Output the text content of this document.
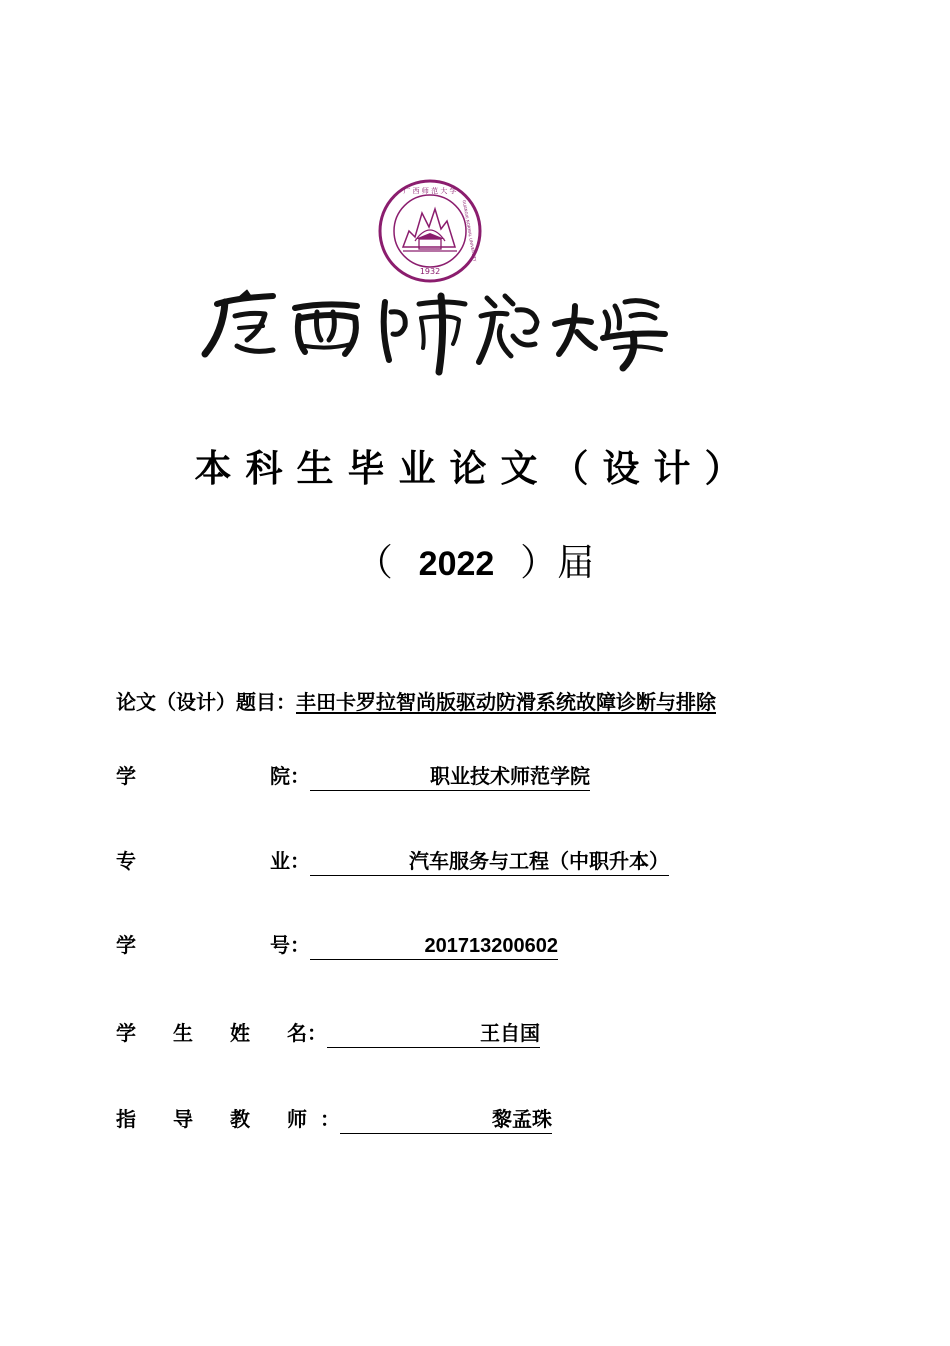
广 西 师 范 大 学
GUANGXI NORMAL UNIVERSITY
1932
本科生毕业论文（设计）
（ 2022 ）届
论文（设计）题目：丰田卡罗拉智尚版驱动防滑系统故障诊断与排除
学	院：	职业技术师范学院
专	业：	汽车服务与工程（中职升本）
学	号：	201713200602
学 生 姓 名：	王自国
指 导 教 师 ：	黎孟珠
